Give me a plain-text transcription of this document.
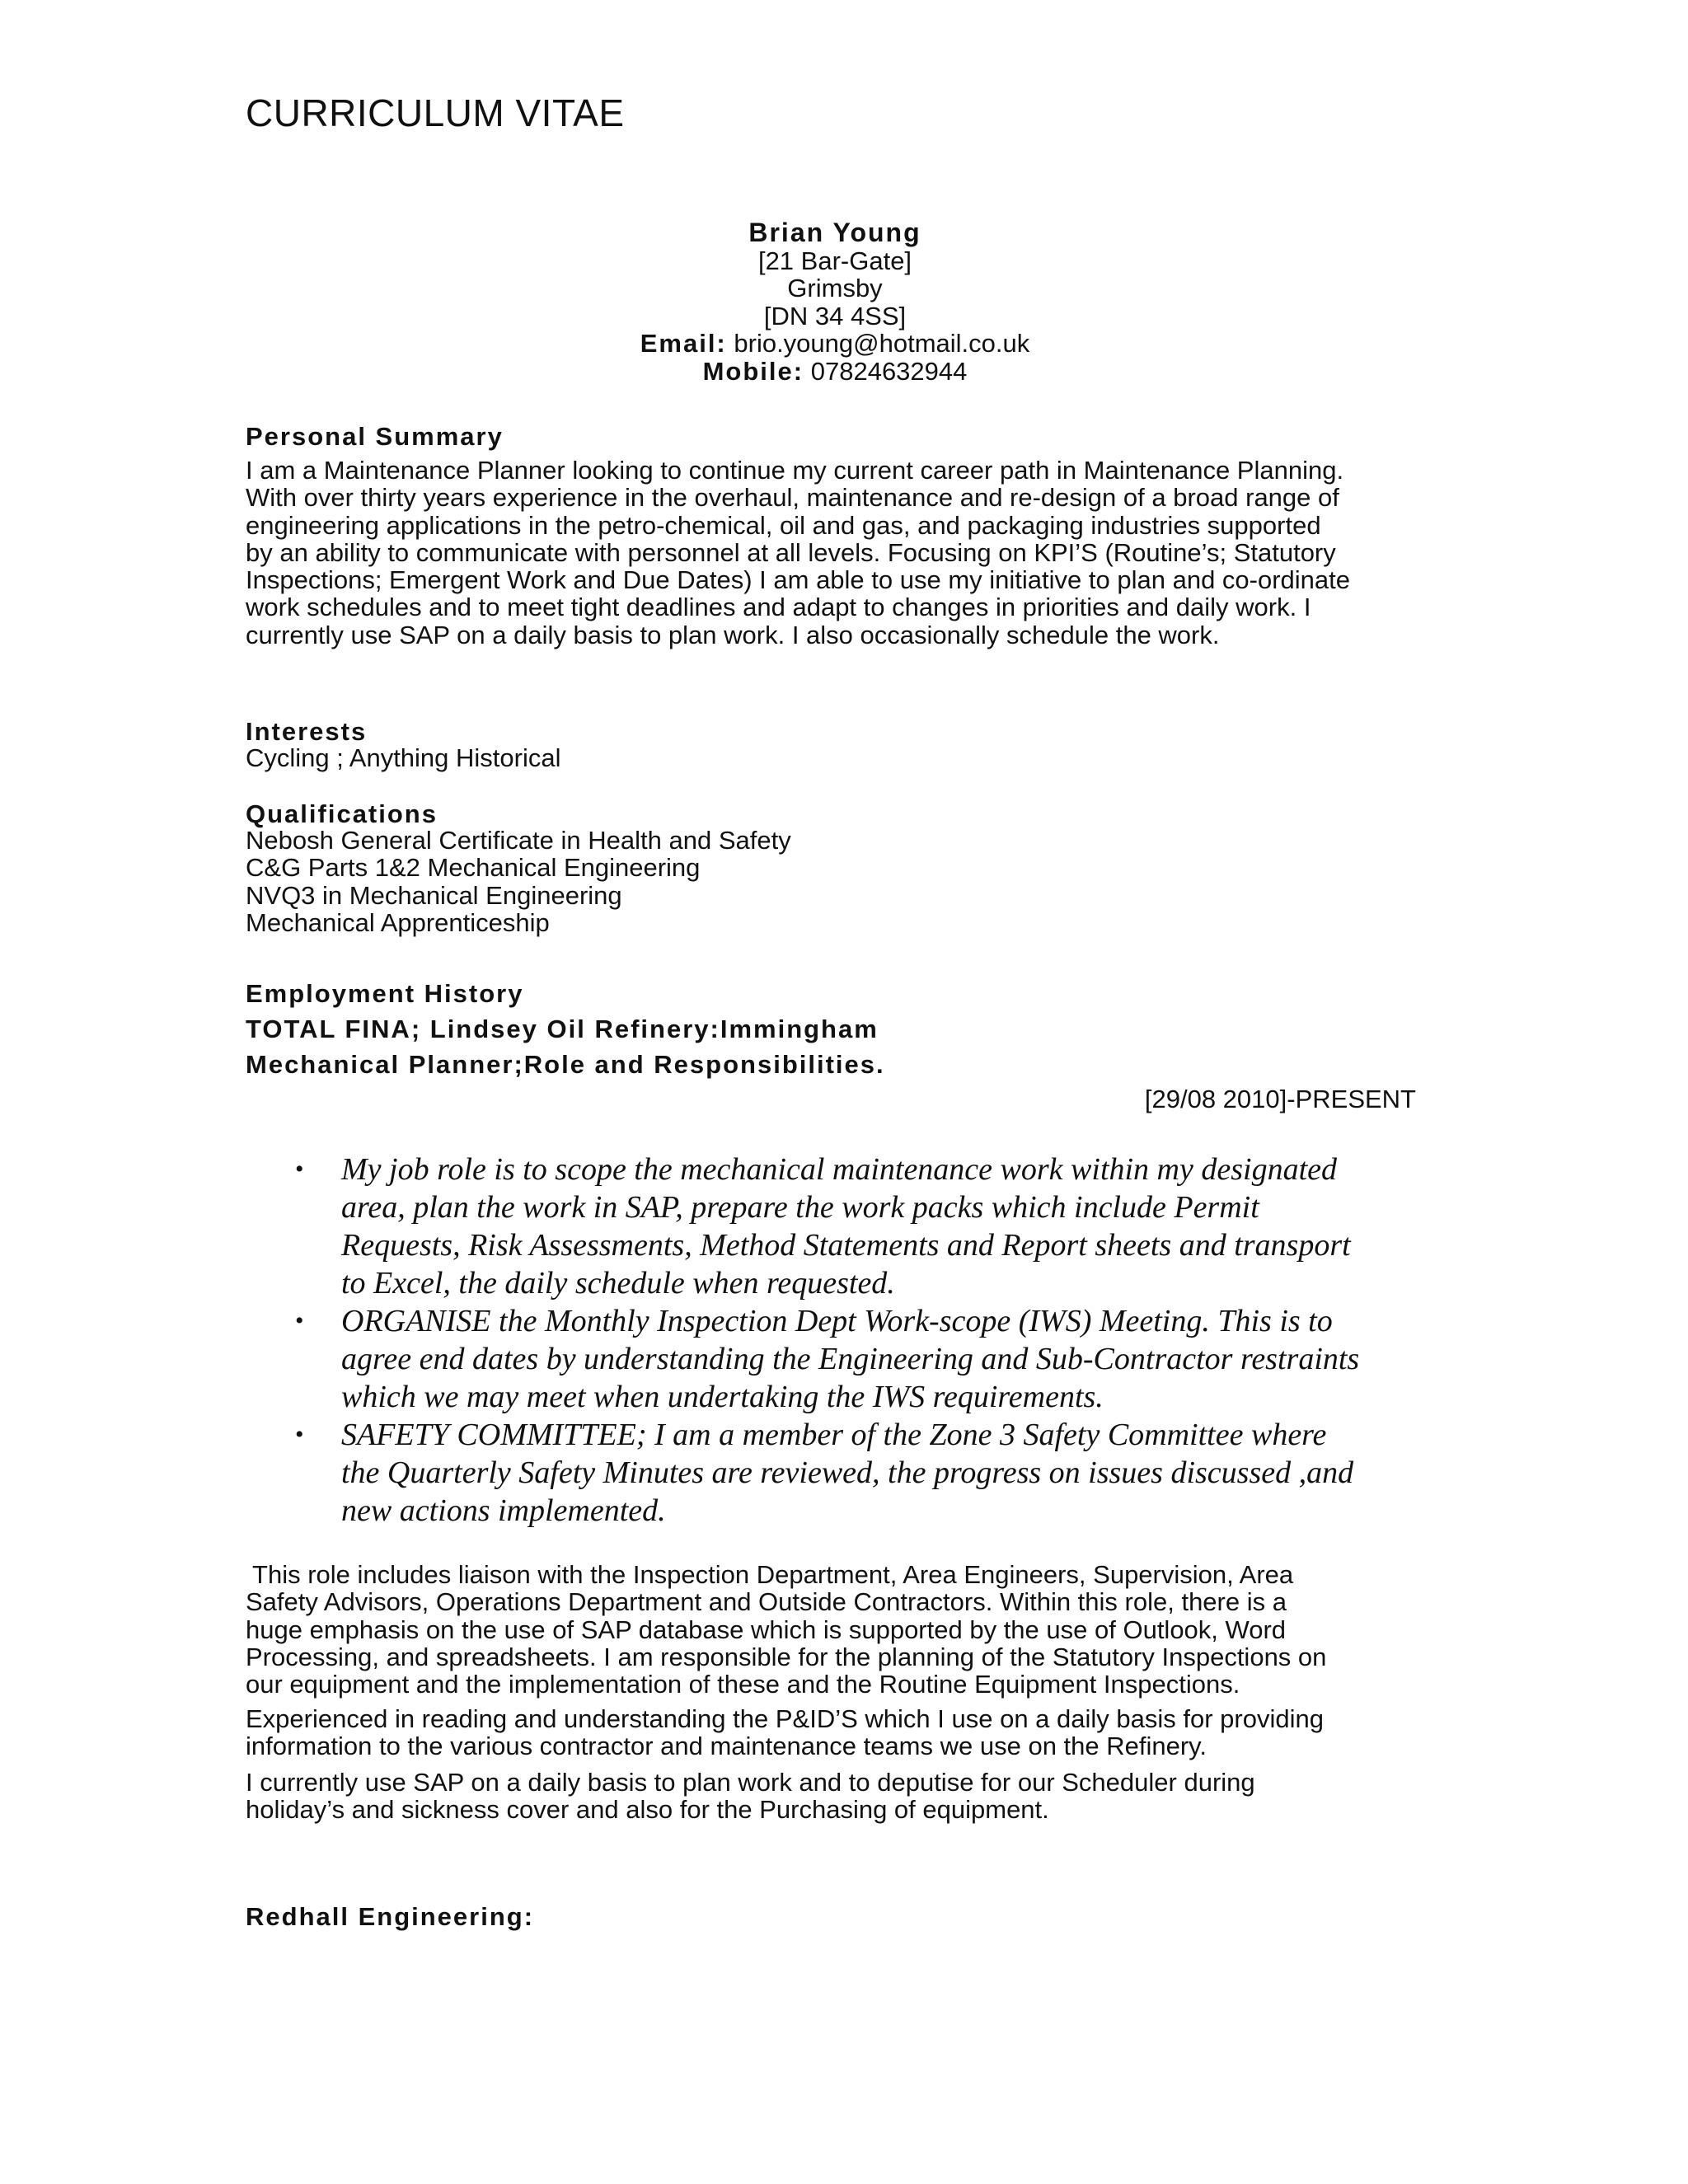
CURRICULUM VITAE
Brian Young
[21 Bar-Gate]
Grimsby
[DN 34 4SS]
Email: brio.young@hotmail.co.uk
Mobile: 07824632944
Personal Summary
I am a Maintenance Planner looking to continue my current career path in Maintenance Planning.
With over thirty years experience in the overhaul, maintenance and re-design of a broad range of
engineering applications in the petro-chemical, oil and gas, and packaging industries supported
by an ability to communicate with personnel at all levels. Focusing on KPI’S (Routine’s; Statutory
Inspections; Emergent Work and Due Dates) I am able to use my initiative to plan and co-ordinate
work schedules and to meet tight deadlines and adapt to changes in priorities and daily work. I
currently use SAP on a daily basis to plan work. I also occasionally schedule the work.
Interests
Cycling ; Anything Historical
Qualifications
Nebosh General Certificate in Health and Safety
C&G Parts 1&2 Mechanical Engineering
NVQ3 in Mechanical Engineering
Mechanical Apprenticeship
Employment History
TOTAL FINA; Lindsey Oil Refinery:Immingham
Mechanical Planner;Role and Responsibilities.
[29/08 2010]-PRESENT
• My job role is to scope the mechanical maintenance work within my designated
area, plan the work in SAP, prepare the work packs which include Permit
Requests, Risk Assessments, Method Statements and Report sheets and transport
to Excel, the daily schedule when requested.
• ORGANISE the Monthly Inspection Dept Work-scope (IWS) Meeting. This is to
agree end dates by understanding the Engineering and Sub-Contractor restraints
which we may meet when undertaking the IWS requirements.
• SAFETY COMMITTEE; I am a member of the Zone 3 Safety Committee where
the Quarterly Safety Minutes are reviewed, the progress on issues discussed ,and
new actions implemented.
This role includes liaison with the Inspection Department, Area Engineers, Supervision, Area
Safety Advisors, Operations Department and Outside Contractors. Within this role, there is a
huge emphasis on the use of SAP database which is supported by the use of Outlook, Word
Processing, and spreadsheets. I am responsible for the planning of the Statutory Inspections on
our equipment and the implementation of these and the Routine Equipment Inspections.
Experienced in reading and understanding the P&ID’S which I use on a daily basis for providing
information to the various contractor and maintenance teams we use on the Refinery.
I currently use SAP on a daily basis to plan work and to deputise for our Scheduler during
holiday’s and sickness cover and also for the Purchasing of equipment.
Redhall Engineering:
